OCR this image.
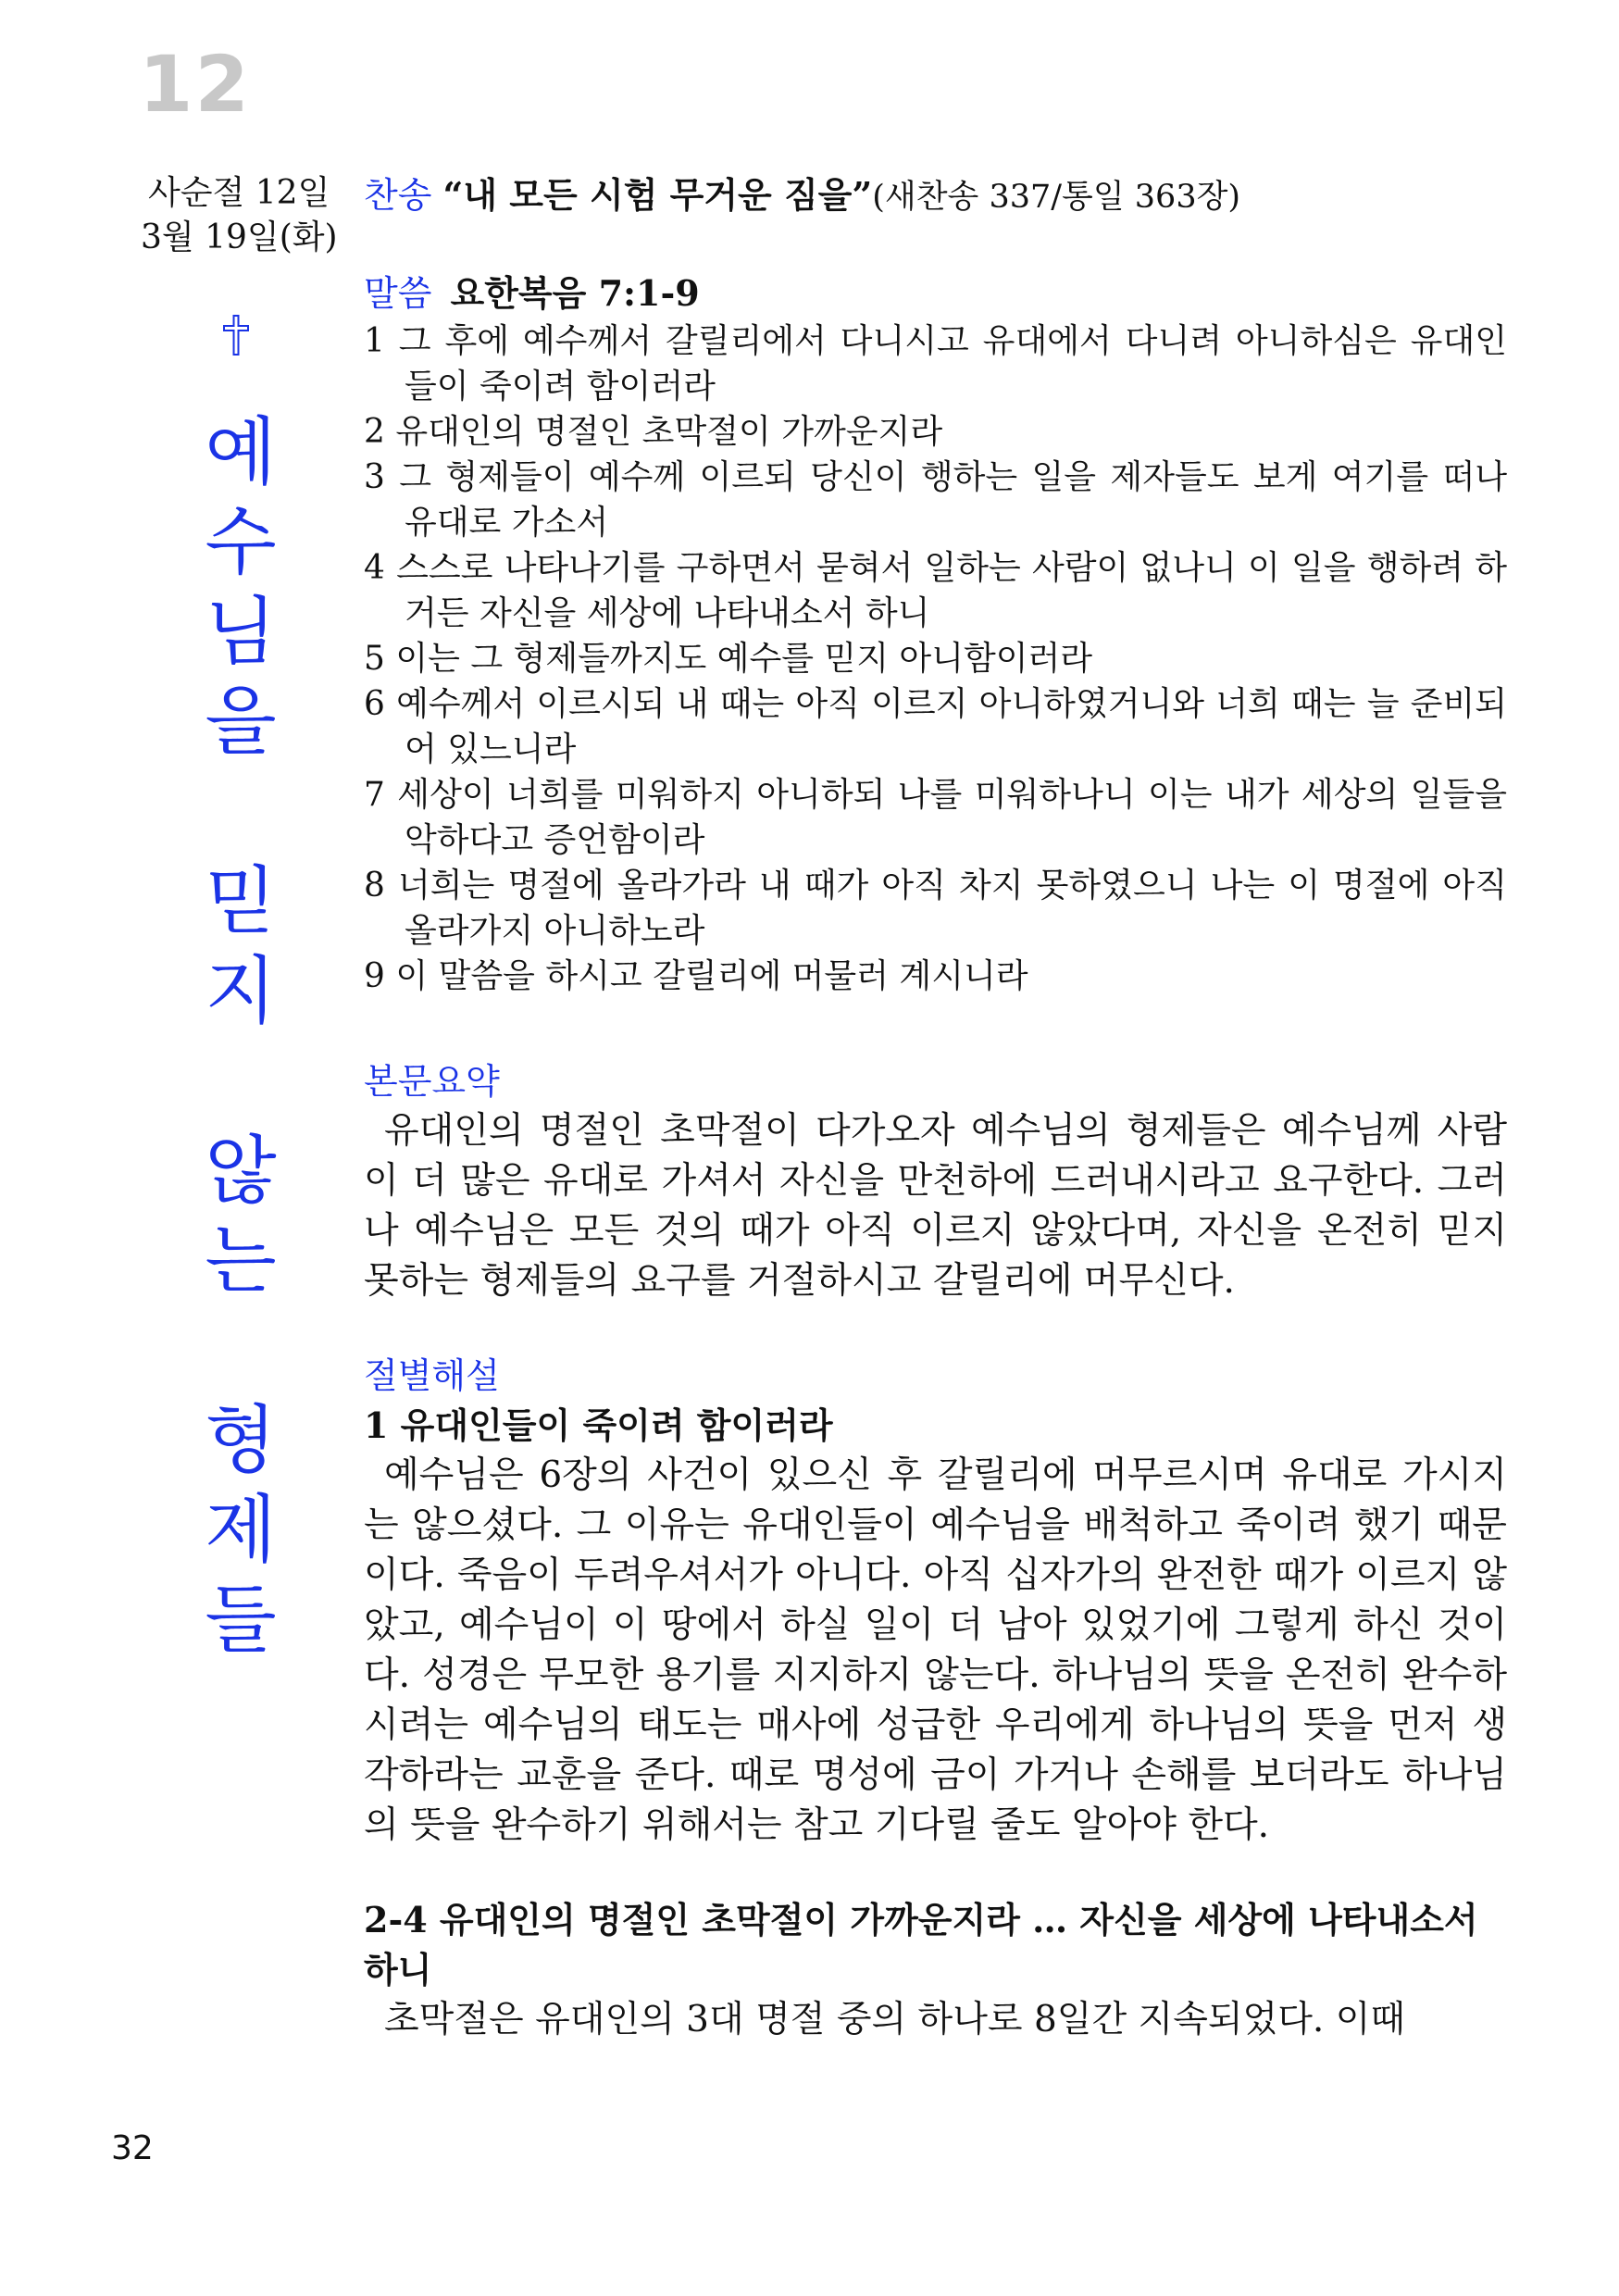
12
사순절 12일
3월 19일(화)
찬송 “내 모든 시험 무거운 짐을”(새찬송 337/통일 363장)
예
수
님
을
믿
지
않
는
형
제
들
말씀 요한복음 7:1-9
1 그 후에 예수께서 갈릴리에서 다니시고 유대에서 다니려 아니하심은 유대인들이 죽이려 함이러라
2 유대인의 명절인 초막절이 가까운지라
3 그 형제들이 예수께 이르되 당신이 행하는 일을 제자들도 보게 여기를 떠나 유대로 가소서
4 스스로 나타나기를 구하면서 묻혀서 일하는 사람이 없나니 이 일을 행하려 하거든 자신을 세상에 나타내소서 하니
5 이는 그 형제들까지도 예수를 믿지 아니함이러라
6 예수께서 이르시되 내 때는 아직 이르지 아니하였거니와 너희 때는 늘 준비되어 있느니라
7 세상이 너희를 미워하지 아니하되 나를 미워하나니 이는 내가 세상의 일들을 악하다고 증언함이라
8 너희는 명절에 올라가라 내 때가 아직 차지 못하였으니 나는 이 명절에 아직 올라가지 아니하노라
9 이 말씀을 하시고 갈릴리에 머물러 계시니라
본문요약
유대인의 명절인 초막절이 다가오자 예수님의 형제들은 예수님께 사람이 더 많은 유대로 가셔서 자신을 만천하에 드러내시라고 요구한다. 그러나 예수님은 모든 것의 때가 아직 이르지 않았다며, 자신을 온전히 믿지 못하는 형제들의 요구를 거절하시고 갈릴리에 머무신다.
절별해설
1 유대인들이 죽이려 함이러라
예수님은 6장의 사건이 있으신 후 갈릴리에 머무르시며 유대로 가시지는 않으셨다. 그 이유는 유대인들이 예수님을 배척하고 죽이려 했기 때문이다. 죽음이 두려우셔서가 아니다. 아직 십자가의 완전한 때가 이르지 않았고, 예수님이 이 땅에서 하실 일이 더 남아 있었기에 그렇게 하신 것이다. 성경은 무모한 용기를 지지하지 않는다. 하나님의 뜻을 온전히 완수하시려는 예수님의 태도는 매사에 성급한 우리에게 하나님의 뜻을 먼저 생각하라는 교훈을 준다. 때로 명성에 금이 가거나 손해를 보더라도 하나님의 뜻을 완수하기 위해서는 참고 기다릴 줄도 알아야 한다.
2-4 유대인의 명절인 초막절이 가까운지라 … 자신을 세상에 나타내소서 하니
초막절은 유대인의 3대 명절 중의 하나로 8일간 지속되었다. 이때
32
